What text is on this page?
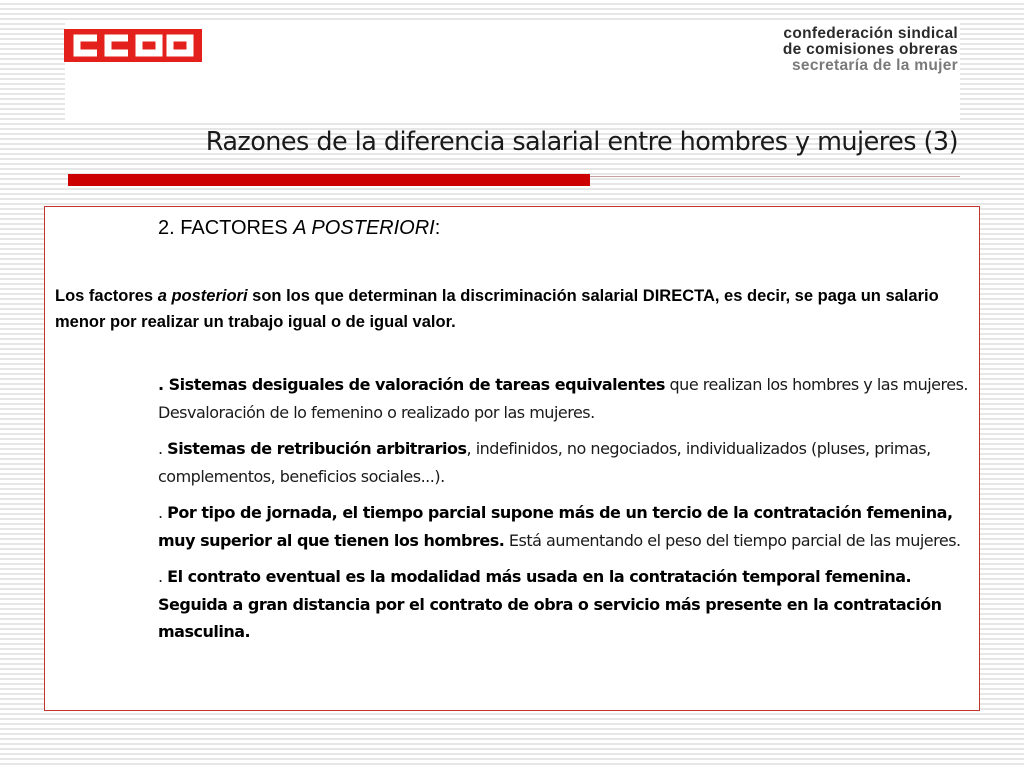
confederación sindical
de comisiones obreras
secretaría de la mujer
Razones de la diferencia salarial entre hombres y mujeres (3)
2. FACTORES A POSTERIORI:
Los factores a posteriori son los que determinan la discriminación salarial DIRECTA, es decir, se paga un salario menor por realizar un trabajo igual o de igual valor.
. Sistemas desiguales de valoración de tareas equivalentes que realizan los hombres y las mujeres. Desvaloración de lo femenino o realizado por las mujeres.
. Sistemas de retribución arbitrarios, indefinidos, no negociados, individualizados (pluses, primas, complementos, beneficios sociales...).
. Por tipo de jornada, el tiempo parcial supone más de un tercio de la contratación femenina, muy superior al que tienen los hombres. Está aumentando el peso del tiempo parcial de las mujeres.
. El contrato eventual es la modalidad más usada en la contratación temporal femenina. Seguida a gran distancia por el contrato de obra o servicio más presente en la contratación masculina.
